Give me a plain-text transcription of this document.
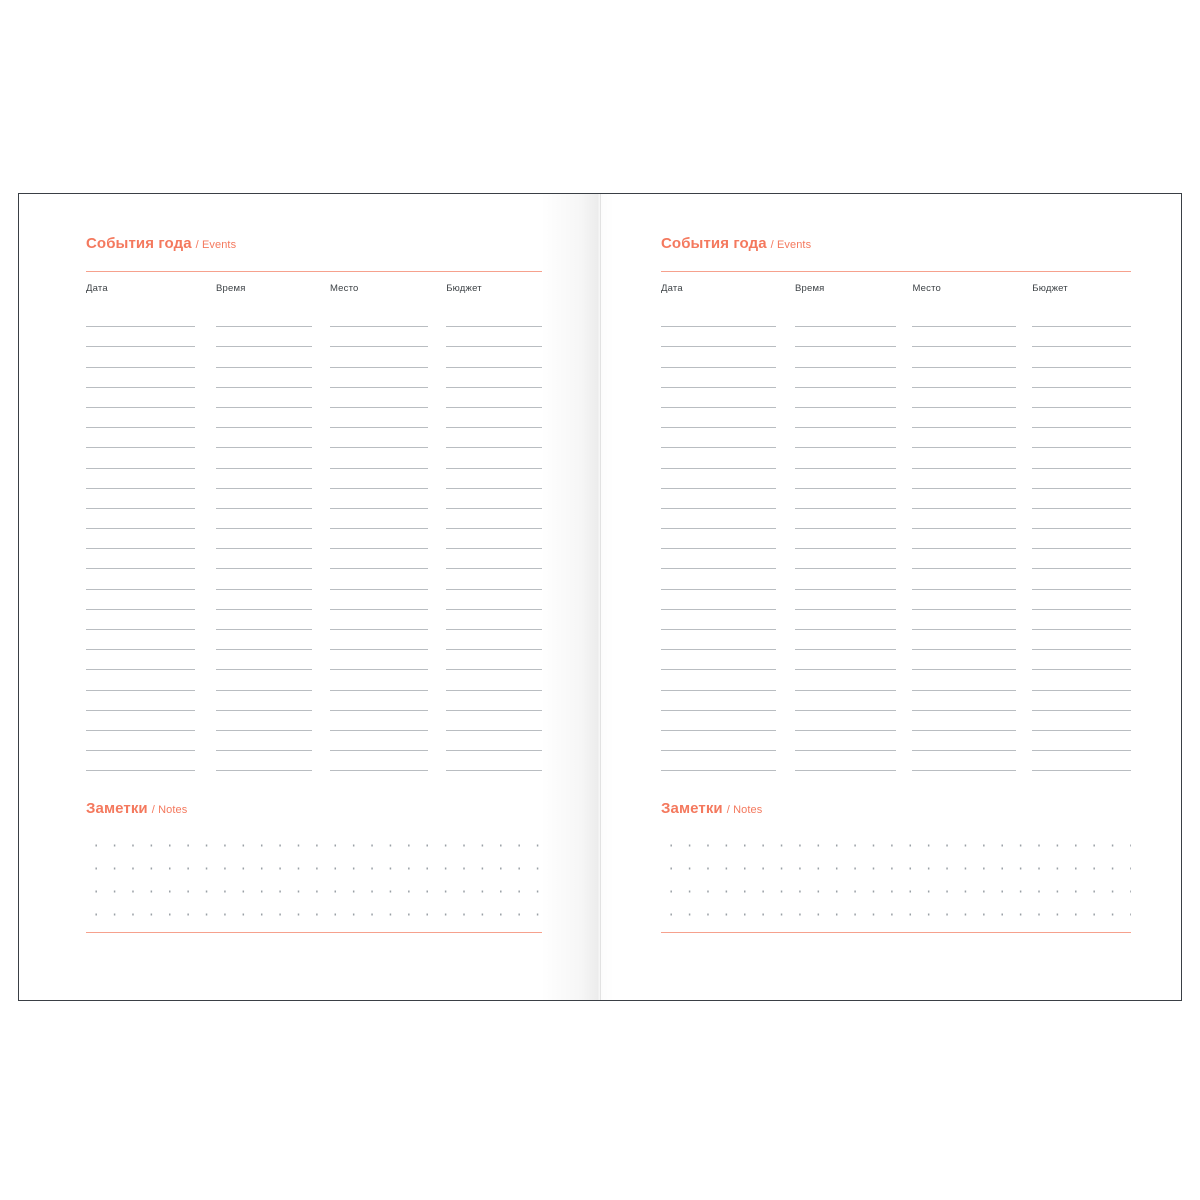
События года / Events
Дата	Время	Место	Бюджет
Заметки / Notes
События года / Events
Дата	Время	Место	Бюджет
Заметки / Notes
